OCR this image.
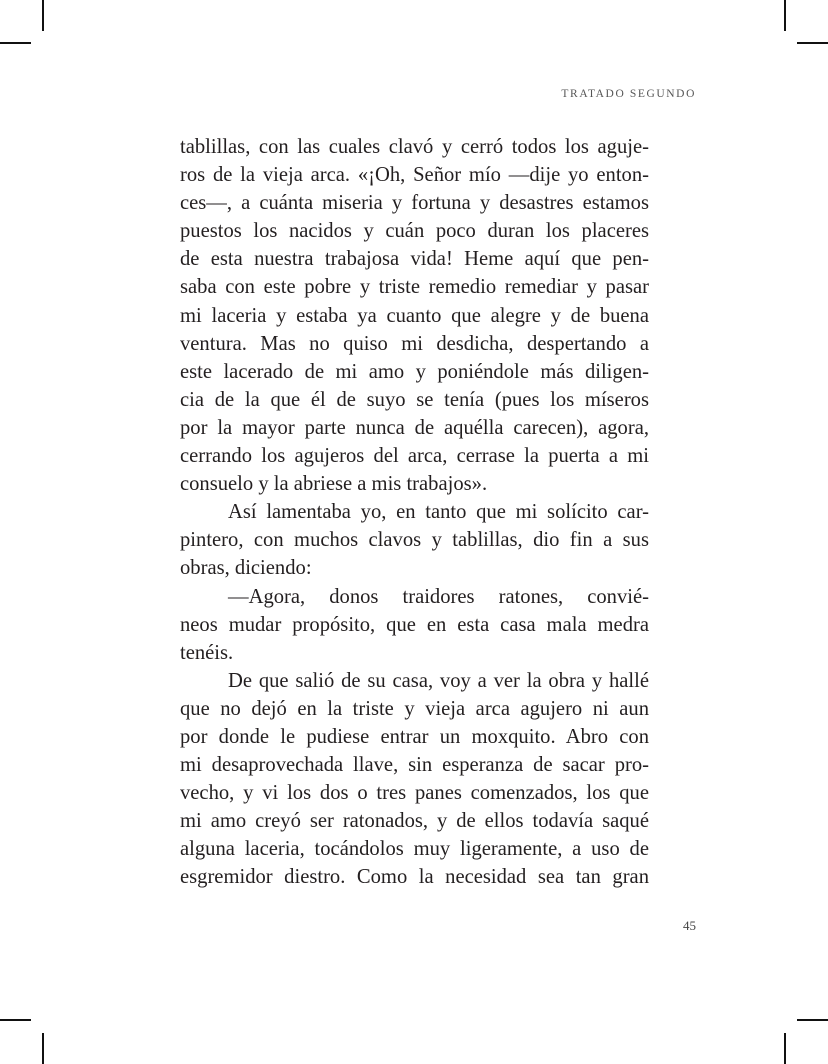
TRATADO SEGUNDO

tablillas, con las cuales clavó y cerró todos los aguje-
ros de la vieja arca. «¡Oh, Señor mío —dije yo enton-
ces—, a cuánta miseria y fortuna y desastres estamos
puestos los nacidos y cuán poco duran los placeres
de esta nuestra trabajosa vida! Heme aquí que pen-
saba con este pobre y triste remedio remediar y pasar
mi laceria y estaba ya cuanto que alegre y de buena
ventura. Mas no quiso mi desdicha, despertando a
este lacerado de mi amo y poniéndole más diligen-
cia de la que él de suyo se tenía (pues los míseros
por la mayor parte nunca de aquélla carecen), agora,
cerrando los agujeros del arca, cerrase la puerta a mi
consuelo y la abriese a mis trabajos».

Así lamentaba yo, en tanto que mi solícito car-
pintero, con muchos clavos y tablillas, dio fin a sus
obras, diciendo:

—Agora, donos traidores ratones, convié-
neos mudar propósito, que en esta casa mala medra
tenéis.

De que salió de su casa, voy a ver la obra y hallé
que no dejó en la triste y vieja arca agujero ni aun
por donde le pudiese entrar un moxquito. Abro con
mi desaprovechada llave, sin esperanza de sacar pro-
vecho, y vi los dos o tres panes comenzados, los que
mi amo creyó ser ratonados, y de ellos todavía saqué
alguna laceria, tocándolos muy ligeramente, a uso de
esgremidor diestro. Como la necesidad sea tan gran

45
